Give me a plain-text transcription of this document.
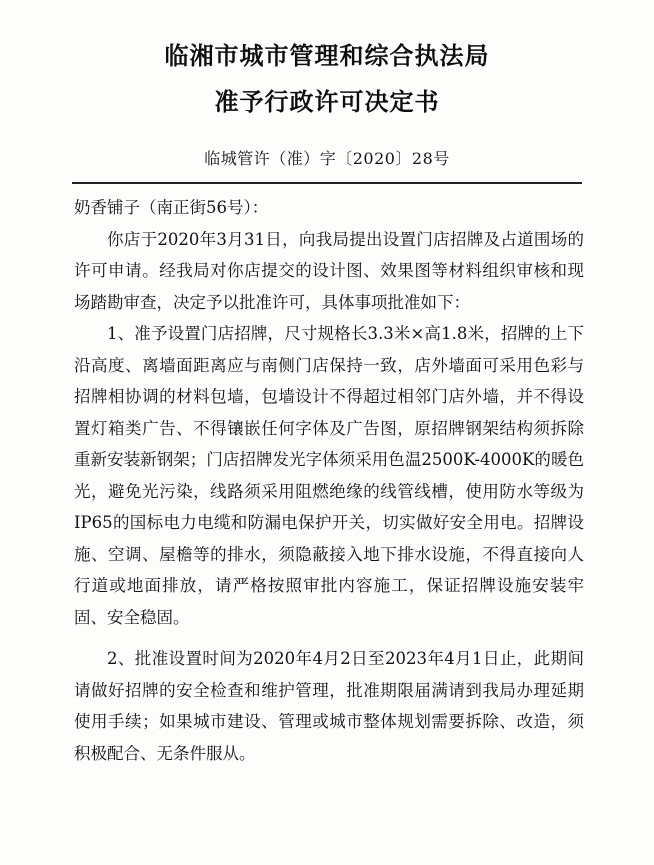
临湘市城市管理和综合执法局
准予行政许可决定书
临城管许（准）字〔2020〕28号

奶香铺子（南正街56号）：

你店于2020年3月31日，向我局提出设置门店招牌及占道围场的许可申请。经我局对你店提交的设计图、效果图等材料组织审核和现场踏勘审查，决定予以批准许可，具体事项批准如下：

1、准予设置门店招牌，尺寸规格长3.3米×高1.8米，招牌的上下沿高度、离墙面距离应与南侧门店保持一致，店外墙面可采用色彩与招牌相协调的材料包墙，包墙设计不得超过相邻门店外墙，并不得设置灯箱类广告、不得镶嵌任何字体及广告图，原招牌钢架结构须拆除重新安装新钢架；门店招牌发光字体须采用色温2500K-4000K的暖色光，避免光污染，线路须采用阻燃绝缘的线管线槽，使用防水等级为IP65的国标电力电缆和防漏电保护开关，切实做好安全用电。招牌设施、空调、屋檐等的排水，须隐蔽接入地下排水设施，不得直接向人行道或地面排放，请严格按照审批内容施工，保证招牌设施安装牢固、安全稳固。

2、批准设置时间为2020年4月2日至2023年4月1日止，此期间请做好招牌的安全检查和维护管理，批准期限届满请到我局办理延期使用手续；如果城市建设、管理或城市整体规划需要拆除、改造，须积极配合、无条件服从。
